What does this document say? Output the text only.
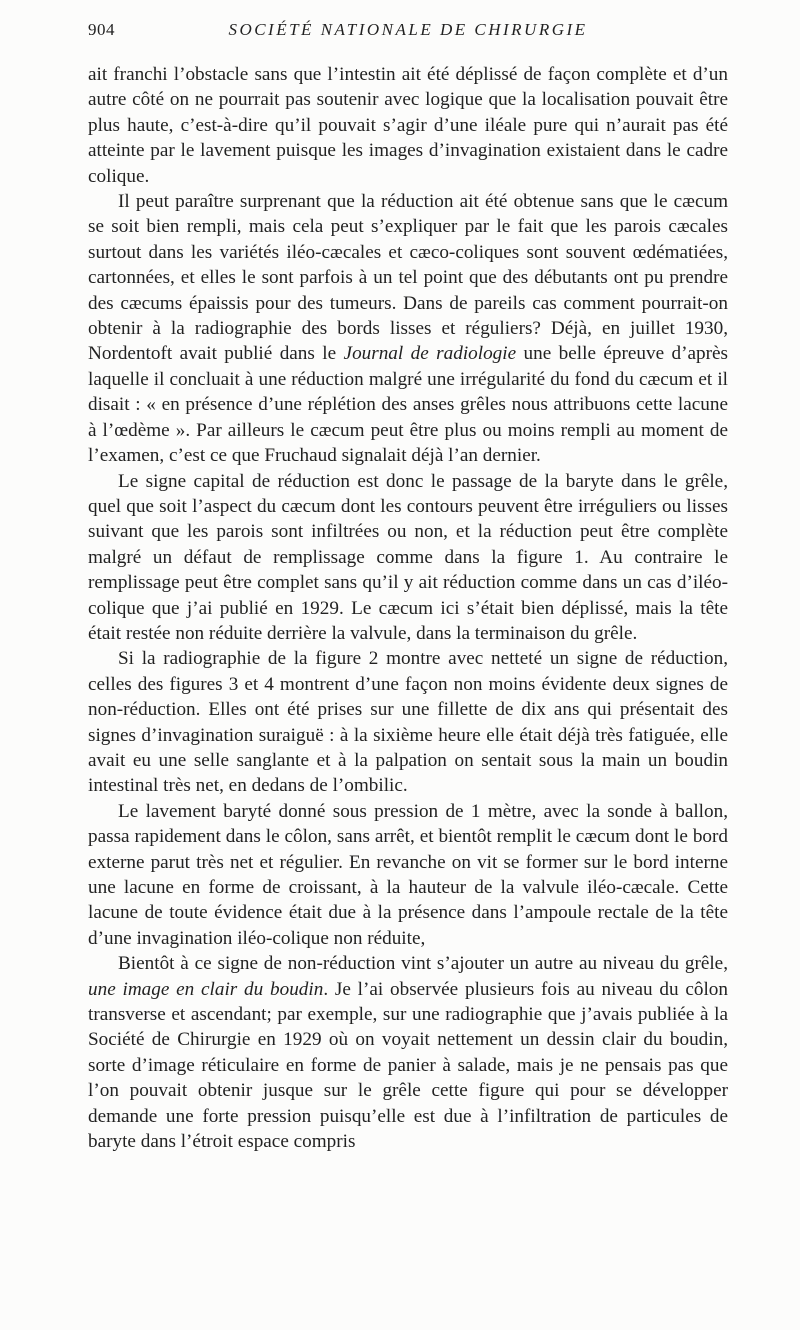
904	SOCIÉTÉ NATIONALE DE CHIRURGIE

ait franchi l’obstacle sans que l’intestin ait été déplissé de façon complète et d’un autre côté on ne pourrait pas soutenir avec logique que la localisation pouvait être plus haute, c’est-à-dire qu’il pouvait s’agir d’une iléale pure qui n’aurait pas été atteinte par le lavement puisque les images d’invagination existaient dans le cadre colique.

Il peut paraître surprenant que la réduction ait été obtenue sans que le cæcum se soit bien rempli, mais cela peut s’expliquer par le fait que les parois cæcales surtout dans les variétés iléo-cæcales et cæco-coliques sont souvent œdématiées, cartonnées, et elles le sont parfois à un tel point que des débutants ont pu prendre des cæcums épaissis pour des tumeurs. Dans de pareils cas comment pourrait-on obtenir à la radiographie des bords lisses et réguliers? Déjà, en juillet 1930, Nordentoft avait publié dans le Journal de radiologie une belle épreuve d’après laquelle il concluait à une réduction malgré une irrégularité du fond du cæcum et il disait : « en présence d’une réplétion des anses grêles nous attribuons cette lacune à l’œdème ». Par ailleurs le cæcum peut être plus ou moins rempli au moment de l’examen, c’est ce que Fruchaud signalait déjà l’an dernier.

Le signe capital de réduction est donc le passage de la baryte dans le grêle, quel que soit l’aspect du cæcum dont les contours peuvent être irréguliers ou lisses suivant que les parois sont infiltrées ou non, et la réduction peut être complète malgré un défaut de remplissage comme dans la figure 1. Au contraire le remplissage peut être complet sans qu’il y ait réduction comme dans un cas d’iléo-colique que j’ai publié en 1929. Le cæcum ici s’était bien déplissé, mais la tête était restée non réduite derrière la valvule, dans la terminaison du grêle.

Si la radiographie de la figure 2 montre avec netteté un signe de réduction, celles des figures 3 et 4 montrent d’une façon non moins évidente deux signes de non-réduction. Elles ont été prises sur une fillette de dix ans qui présentait des signes d’invagination suraiguë : à la sixième heure elle était déjà très fatiguée, elle avait eu une selle sanglante et à la palpation on sentait sous la main un boudin intestinal très net, en dedans de l’ombilic.

Le lavement baryté donné sous pression de 1 mètre, avec la sonde à ballon, passa rapidement dans le côlon, sans arrêt, et bientôt remplit le cæcum dont le bord externe parut très net et régulier. En revanche on vit se former sur le bord interne une lacune en forme de croissant, à la hauteur de la valvule iléo-cæcale. Cette lacune de toute évidence était due à la présence dans l’ampoule rectale de la tête d’une invagination iléo-colique non réduite,

Bientôt à ce signe de non-réduction vint s’ajouter un autre au niveau du grêle, une image en clair du boudin. Je l’ai observée plusieurs fois au niveau du côlon transverse et ascendant; par exemple, sur une radiographie que j’avais publiée à la Société de Chirurgie en 1929 où on voyait nettement un dessin clair du boudin, sorte d’image réticulaire en forme de panier à salade, mais je ne pensais pas que l’on pouvait obtenir jusque sur le grêle cette figure qui pour se développer demande une forte pression puisqu’elle est due à l’infiltration de particules de baryte dans l’étroit espace compris
